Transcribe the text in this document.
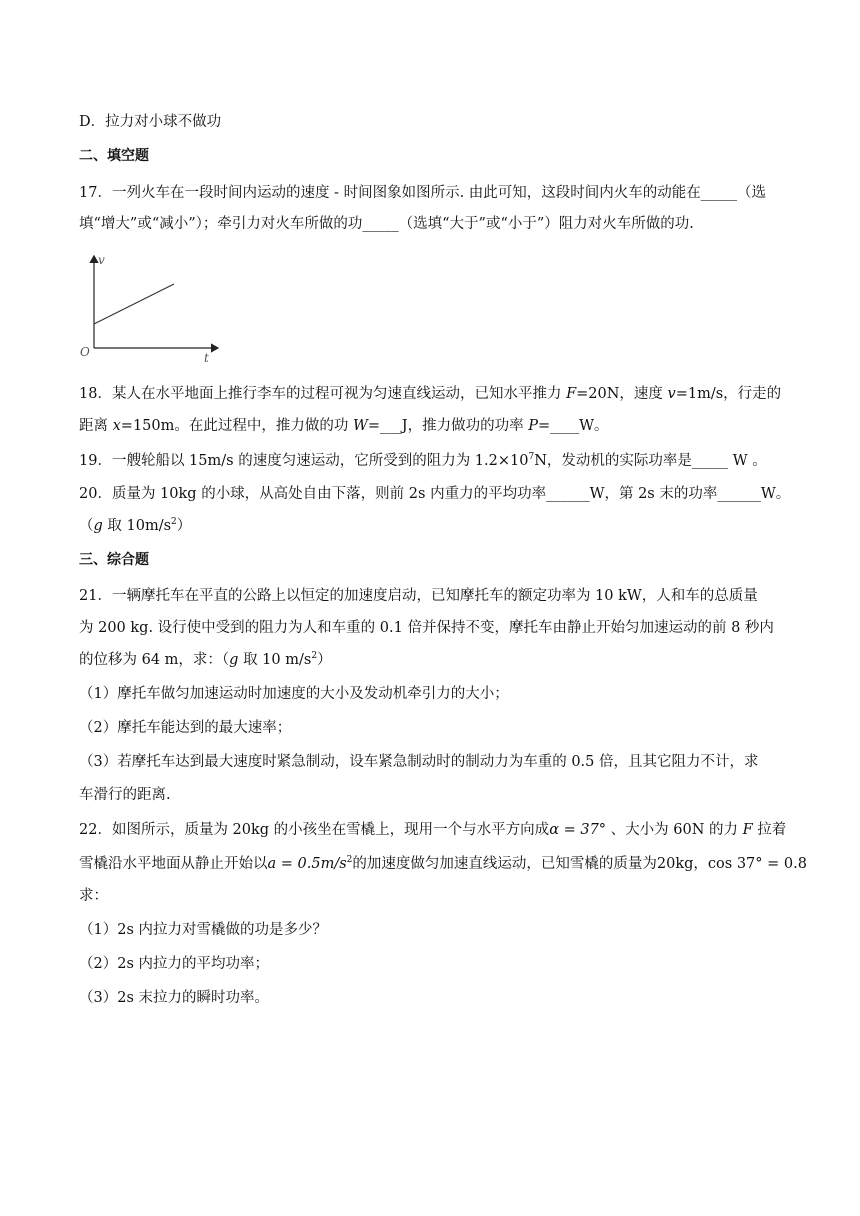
D．拉力对小球不做功
二、填空题
17．一列火车在一段时间内运动的速度 - 时间图象如图所示. 由此可知，这段时间内火车的动能在_____（选
填“增大”或“减小”）；牵引力对火车所做的功_____（选填“大于”或“小于”）阻力对火车所做的功.
v
t
O
18．某人在水平地面上推行李车的过程可视为匀速直线运动，已知水平推力 F=20N，速度 v=1m/s，行走的
距离 x=150m。在此过程中，推力做的功 W=___J，推力做功的功率 P=____W。
19．一艘轮船以 15m/s 的速度匀速运动，它所受到的阻力为 $1.2\times 10^7N$，发动机的实际功率是_____ W 。
20．质量为 10kg 的小球，从高处自由下落，则前 2s 内重力的平均功率______W，第 2s 末的功率______W。
（g 取 $10m/s^2$）
三、综合题
21．一辆摩托车在平直的公路上以恒定的加速度启动，已知摩托车的额定功率为 10 kW，人和车的总质量
为 200 kg. 设行使中受到的阻力为人和车重的 0.1 倍并保持不变，摩托车由静止开始匀加速运动的前 8 秒内
的位移为 64 m，求：（g 取 10 $m/s^2$）
（1）摩托车做匀加速运动时加速度的大小及发动机牵引力的大小；
（2）摩托车能达到的最大速率；
（3）若摩托车达到最大速度时紧急制动，设车紧急制动时的制动力为车重的 0.5 倍，且其它阻力不计，求
车滑行的距离.
22．如图所示，质量为 20kg 的小孩坐在雪橇上，现用一个与水平方向成α = 37° 、大小为 60N 的力 F 拉着
雪橇沿水平地面从静止开始以$a = 0.5m/s^2$的加速度做匀加速直线运动，已知雪橇的质量为20kg，cos 37° = 0.8
求：
（1）2s 内拉力对雪橇做的功是多少？
（2）2s 内拉力的平均功率；
（3）2s 末拉力的瞬时功率。
